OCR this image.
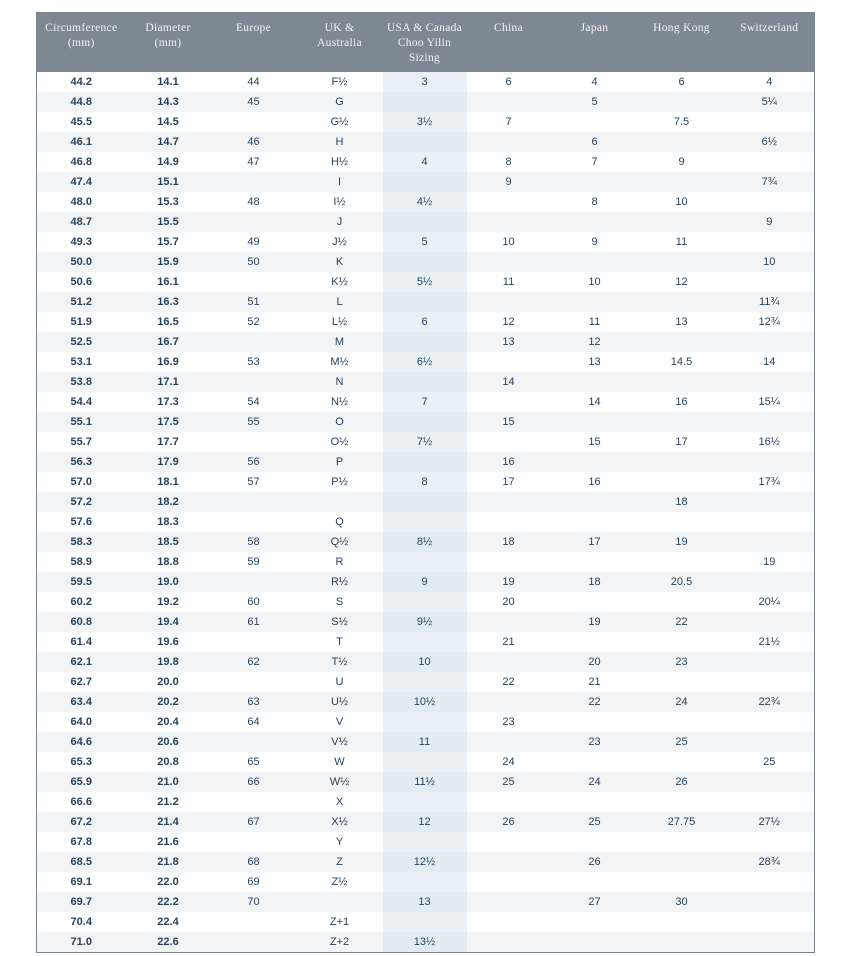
Circumference
(mm)	Diameter
(mm)	Europe	UK &
Australia	USA & Canada
Choo Yilin Sizing	China	Japan	Hong Kong	Switzerland

44.2	14.1	44	F½	3	6	4	6	4
44.8	14.3	45	G			5		5¼
45.5	14.5		G½	3½	7		7.5	
46.1	14.7	46	H			6		6½
46.8	14.9	47	H½	4	8	7	9	
47.4	15.1		I		9			7¾
48.0	15.3	48	I½	4½		8	10	
48.7	15.5		J					9
49.3	15.7	49	J½	5	10	9	11	
50.0	15.9	50	K					10
50.6	16.1		K½	5½	11	10	12	
51.2	16.3	51	L					11¾
51.9	16.5	52	L½	6	12	11	13	12¾
52.5	16.7		M		13	12		
53.1	16.9	53	M½	6½		13	14.5	14
53.8	17.1		N		14			
54.4	17.3	54	N½	7		14	16	15¼
55.1	17.5	55	O		15			
55.7	17.7		O½	7½		15	17	16½
56.3	17.9	56	P		16			
57.0	18.1	57	P½	8	17	16		17¾
57.2	18.2						18	
57.6	18.3		Q					
58.3	18.5	58	Q½	8½	18	17	19	
58.9	18.8	59	R					19
59.5	19.0		R½	9	19	18	20.5	
60.2	19.2	60	S		20			20¼
60.8	19.4	61	S½	9½		19	22	
61.4	19.6		T		21			21½
62.1	19.8	62	T½	10		20	23	
62.7	20.0		U		22	21		
63.4	20.2	63	U½	10½		22	24	22¾
64.0	20.4	64	V		23			
64.6	20.6		V½	11		23	25	
65.3	20.8	65	W		24			25
65.9	21.0	66	W½	11½	25	24	26	
66.6	21.2		X					
67.2	21.4	67	X½	12	26	25	27.75	27½
67.8	21.6		Y					
68.5	21.8	68	Z	12½		26		28¾
69.1	22.0	69	Z½					
69.7	22.2	70		13		27	30	
70.4	22.4		Z+1					
71.0	22.6		Z+2	13½				
